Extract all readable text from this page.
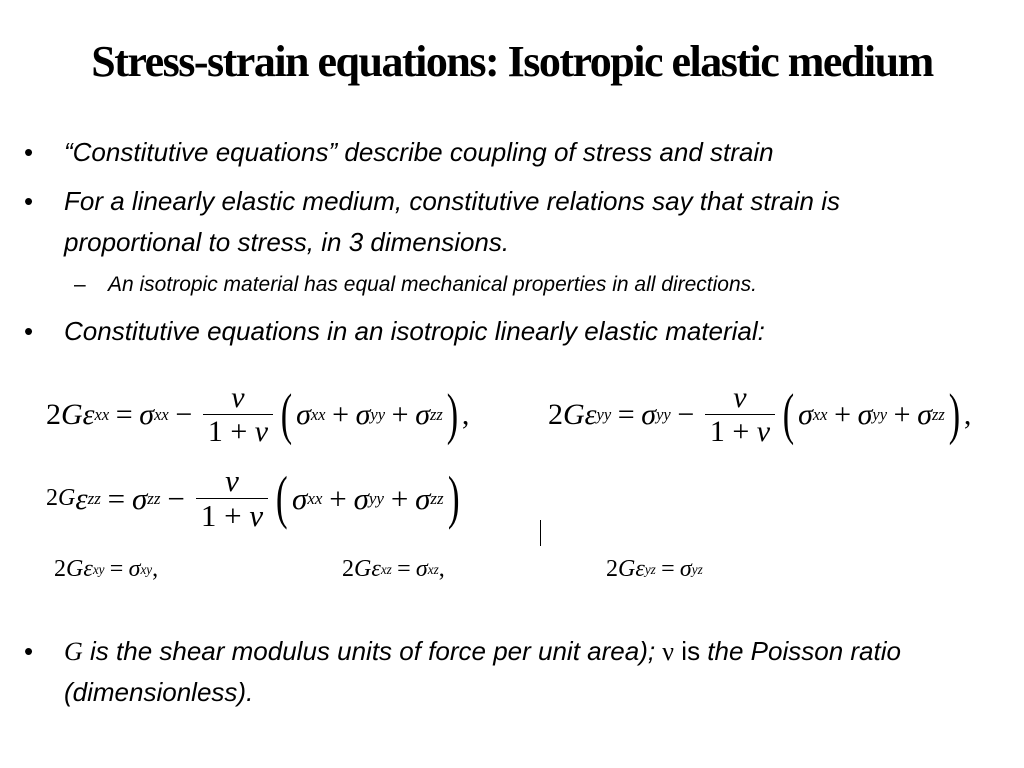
Stress-strain equations: Isotropic elastic medium
• “Constitutive equations” describe coupling of stress and strain
• For a linearly elastic medium, constitutive relations say that strain is proportional to stress, in 3 dimensions.
– An isotropic material has equal mechanical properties in all directions.
• Constitutive equations in an isotropic linearly elastic material:
2 G ε xx = σ xx − $\frac{\nu}{1 + \nu}$ ( σ xx + σ yy + σ zz ) ,	2 G ε yy = σ yy − $\frac{\nu}{1 + \nu}$ ( σ xx + σ yy + σ zz ) ,
2 G ε zz = σ zz − $\frac{\nu}{1 + \nu}$ ( σ xx + σ yy + σ zz )
2 G ε xy = σ xy ,	2 G ε xz = σ xz ,	2 G ε yz = σ yz
• G is the shear modulus units of force per unit area); ν is the Poisson ratio (dimensionless).
